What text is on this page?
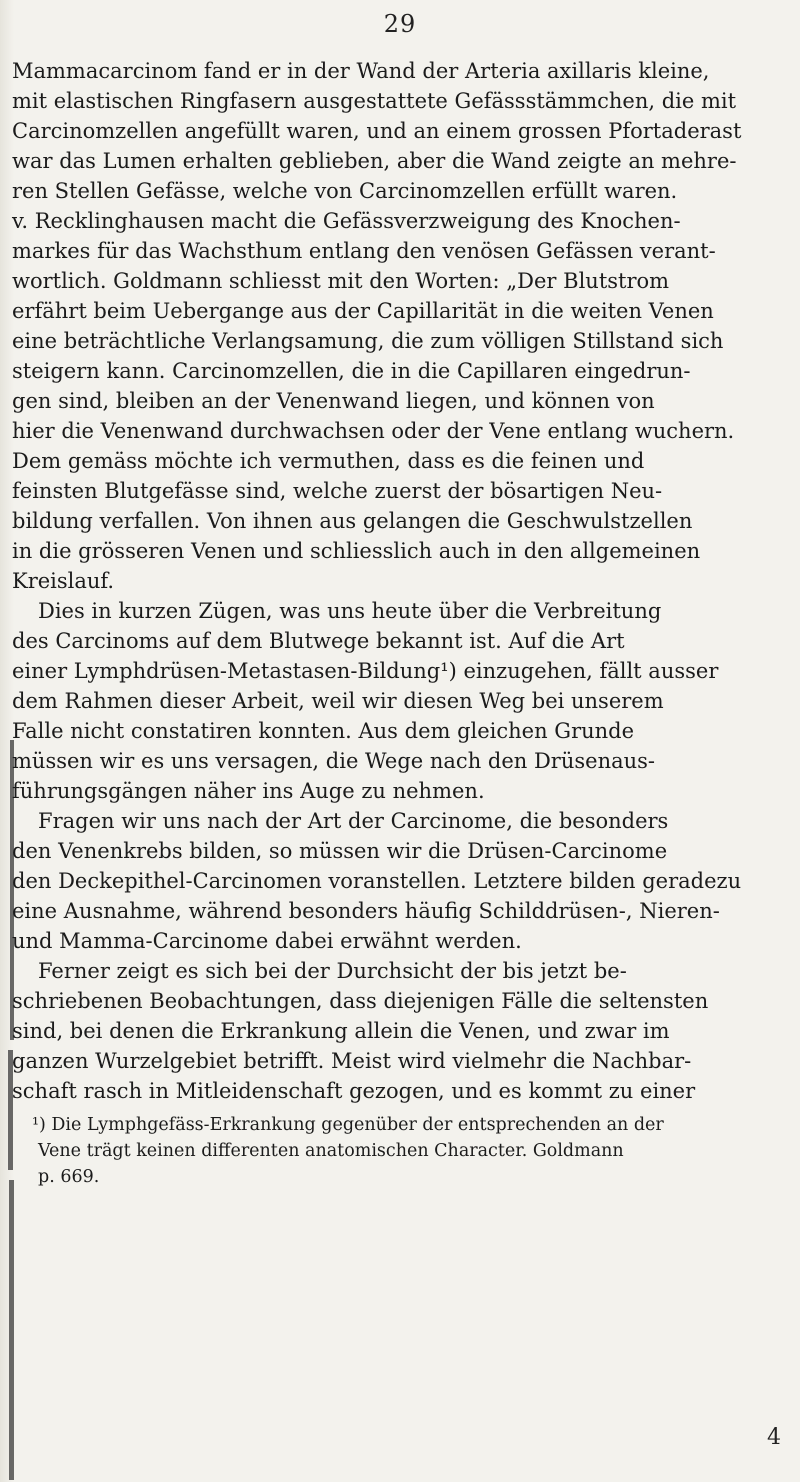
29
Mammacarcinom fand er in der Wand der Arteria axillaris kleine,
mit elastischen Ringfasern ausgestattete Gefässstämmchen, die mit
Carcinomzellen angefüllt waren, und an einem grossen Pfortaderast
war das Lumen erhalten geblieben, aber die Wand zeigte an mehre-
ren Stellen Gefässe, welche von Carcinomzellen erfüllt waren.
v. Recklinghausen macht die Gefässverzweigung des Knochen-
markes für das Wachsthum entlang den venösen Gefässen verant-
wortlich. Goldmann schliesst mit den Worten: „Der Blutstrom
erfährt beim Uebergange aus der Capillarität in die weiten Venen
eine beträchtliche Verlangsamung, die zum völligen Stillstand sich
steigern kann. Carcinomzellen, die in die Capillaren eingedrun-
gen sind, bleiben an der Venenwand liegen, und können von
hier die Venenwand durchwachsen oder der Vene entlang wuchern.
Dem gemäss möchte ich vermuthen, dass es die feinen und
feinsten Blutgefässe sind, welche zuerst der bösartigen Neu-
bildung verfallen. Von ihnen aus gelangen die Geschwulstzellen
in die grösseren Venen und schliesslich auch in den allgemeinen
Kreislauf.
Dies in kurzen Zügen, was uns heute über die Verbreitung
des Carcinoms auf dem Blutwege bekannt ist. Auf die Art
einer Lymphdrüsen-Metastasen-Bildung¹) einzugehen, fällt ausser
dem Rahmen dieser Arbeit, weil wir diesen Weg bei unserem
Falle nicht constatiren konnten. Aus dem gleichen Grunde
müssen wir es uns versagen, die Wege nach den Drüsenaus-
führungsgängen näher ins Auge zu nehmen.
Fragen wir uns nach der Art der Carcinome, die besonders
den Venenkrebs bilden, so müssen wir die Drüsen-Carcinome
den Deckepithel-Carcinomen voranstellen. Letztere bilden geradezu
eine Ausnahme, während besonders häufig Schilddrüsen-, Nieren-
und Mamma-Carcinome dabei erwähnt werden.
Ferner zeigt es sich bei der Durchsicht der bis jetzt be-
schriebenen Beobachtungen, dass diejenigen Fälle die seltensten
sind, bei denen die Erkrankung allein die Venen, und zwar im
ganzen Wurzelgebiet betrifft. Meist wird vielmehr die Nachbar-
schaft rasch in Mitleidenschaft gezogen, und es kommt zu einer
¹) Die Lymphgefäss-Erkrankung gegenüber der entsprechenden an der
Vene trägt keinen differenten anatomischen Character. Goldmann
p. 669.
4
